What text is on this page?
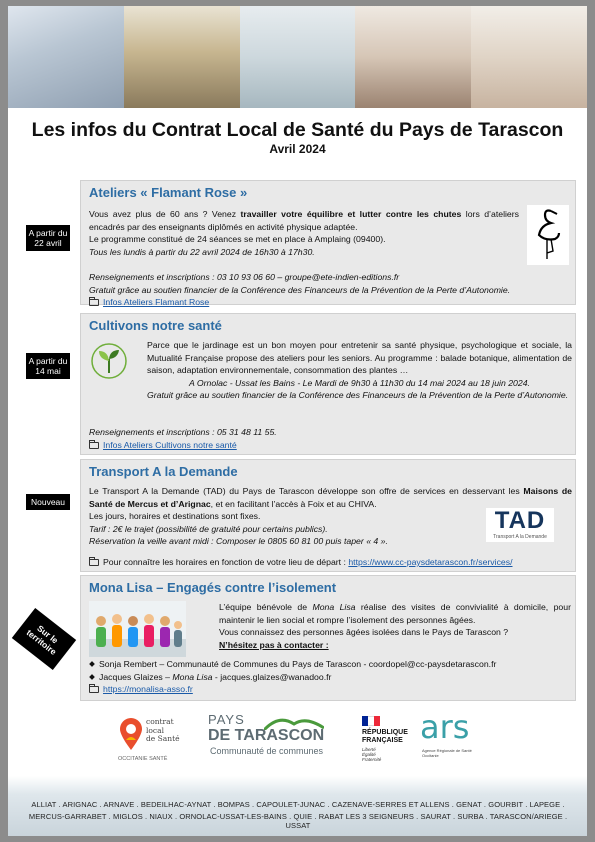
Les infos du Contrat Local de Santé du Pays de Tarascon
Avril 2024
A partir du 22 avril
Ateliers « Flamant Rose »

Vous avez plus de 60 ans ? Venez travailler votre équilibre et lutter contre les chutes lors d’ateliers encadrés par des enseignants diplômés en activité physique adaptée.

Le programme constitué de 24 séances se met en place à Amplaing (09400).

Tous les lundis à partir du 22 avril 2024 de 16h30 à 17h30.

Renseignements et inscriptions : 03 10 93 06 60 – groupe@ete-indien-editions.fr

Gratuit grâce au soutien financier de la Conférence des Financeurs de la Prévention de la Perte d’Autonomie.

Infos Ateliers Flamant Rose
A partir du 14 mai
Cultivons notre santé

Parce que le jardinage est un bon moyen pour entretenir sa santé physique, psychologique et sociale, la Mutualité Française propose des ateliers pour les seniors. Au programme : balade botanique, alimentation de saison, adaptation environnementale, consommation des plantes …

A Ornolac - Ussat les Bains - Le Mardi de 9h30 à 11h30 du 14 mai 2024 au 18 juin 2024.

Gratuit grâce au soutien financier de la Conférence des Financeurs de la Prévention de la Perte d’Autonomie.

Renseignements et inscriptions : 05 31 48 11 55.
Infos Ateliers Cultivons notre santé
Nouveau
Transport A la Demande

Le Transport A la Demande (TAD) du Pays de Tarascon développe son offre de services en desservant les Maisons de Santé de Mercus et d’Arignac, et en facilitant l’accès à Foix et au CHIVA.

Les jours, horaires et destinations sont fixes.

Tarif : 2€ le trajet (possibilité de gratuité pour certains publics).

Réservation la veille avant midi : Composer le 0805 60 81 00 puis taper « 4 ».

Pour connaître les horaires en fonction de votre lieu de départ : https://www.cc-paysdetarascon.fr/services/
TAD
Transport A la Demande
Sur le territoire
Mona Lisa – Engagés contre l’isolement

L’équipe bénévole de Mona Lisa réalise des visites de convivialité à domicile, pour maintenir le lien social et rompre l’isolement des personnes âgées.

Vous connaissez des personnes âgées isolées dans le Pays de Tarascon ?

N’hésitez pas à contacter :

Sonja Rembert – Communauté de Communes du Pays de Tarascon - coordopel@cc-paysdetarascon.fr

Jacques Glaizes – Mona Lisa - jacques.glaizes@wanadoo.fr

https://monalisa-asso.fr

contrat
local
de Santé
OCCITANIE SANTÉ
PAYS
DE TARASCON
Communauté de communes
RÉPUBLIQUE
FRANÇAISE
Liberté
Égalité
Fraternité
ars
Agence Régionale de Santé Occitanie
ALLIAT . ARIGNAC . ARNAVE . BEDEILHAC-AYNAT . BOMPAS . CAPOULET-JUNAC . CAZENAVE-SERRES ET ALLENS . GENAT . GOURBIT . LAPEGE .
MERCUS-GARRABET . MIGLOS . NIAUX . ORNOLAC-USSAT-LES-BAINS . QUIE . RABAT LES 3 SEIGNEURS . SAURAT . SURBA . TARASCON/ARIEGE . USSAT
